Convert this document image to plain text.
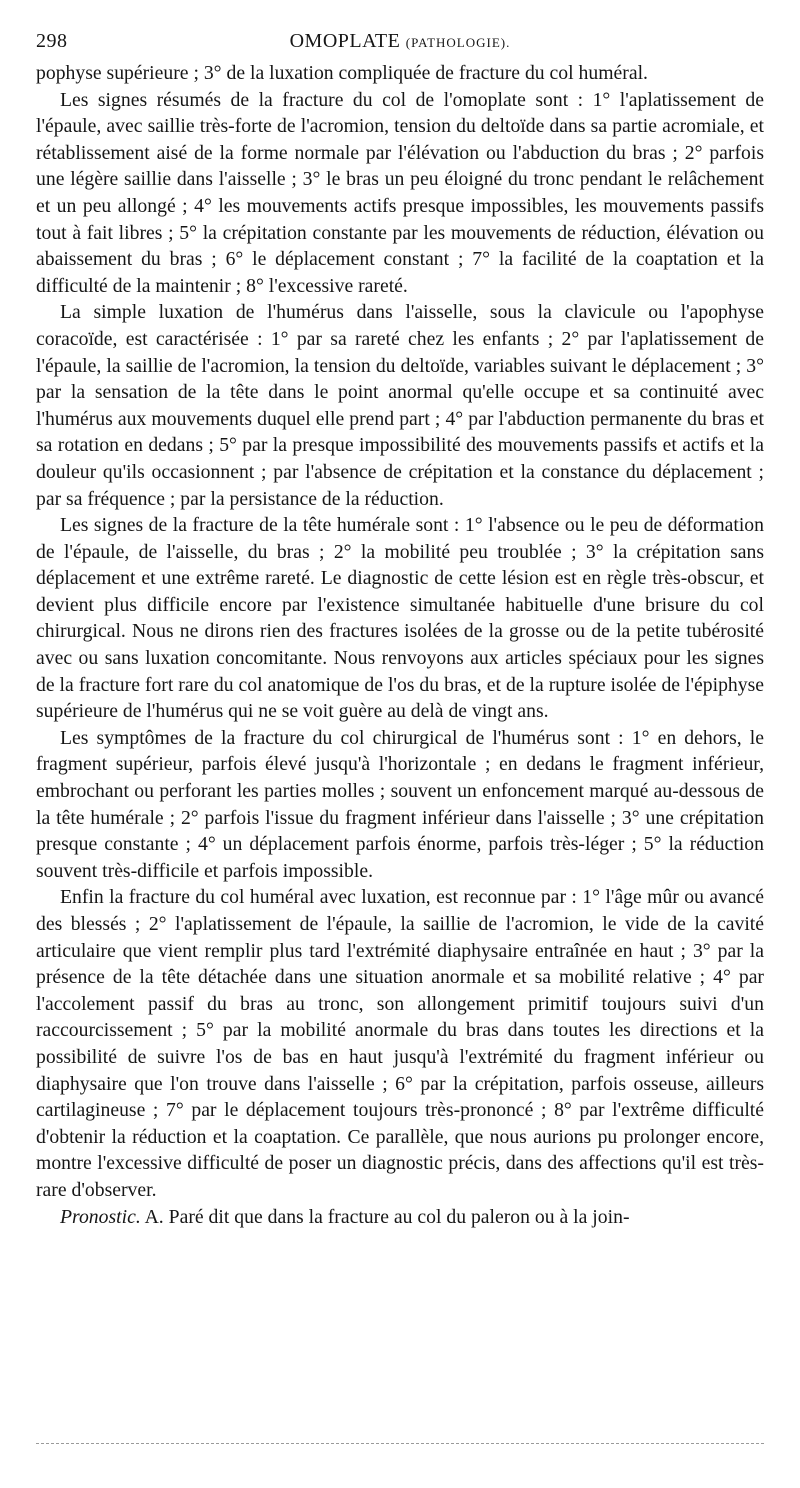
298	OMOPLATE (PATHOLOGIE).

pophyse supérieure ; 3° de la luxation compliquée de fracture du col huméral.

Les signes résumés de la fracture du col de l'omoplate sont : 1° l'aplatissement de l'épaule, avec saillie très-forte de l'acromion, tension du deltoïde dans sa partie acromiale, et rétablissement aisé de la forme normale par l'élévation ou l'abduction du bras ; 2° parfois une légère saillie dans l'aisselle ; 3° le bras un peu éloigné du tronc pendant le relâchement et un peu allongé ; 4° les mouvements actifs presque impossibles, les mouvements passifs tout à fait libres ; 5° la crépitation constante par les mouvements de réduction, élévation ou abaissement du bras ; 6° le déplacement constant ; 7° la facilité de la coaptation et la difficulté de la maintenir ; 8° l'excessive rareté.

La simple luxation de l'humérus dans l'aisselle, sous la clavicule ou l'apophyse coracoïde, est caractérisée : 1° par sa rareté chez les enfants ; 2° par l'aplatissement de l'épaule, la saillie de l'acromion, la tension du deltoïde, variables suivant le déplacement ; 3° par la sensation de la tête dans le point anormal qu'elle occupe et sa continuité avec l'humérus aux mouvements duquel elle prend part ; 4° par l'abduction permanente du bras et sa rotation en dedans ; 5° par la presque impossibilité des mouvements passifs et actifs et la douleur qu'ils occasionnent ; par l'absence de crépitation et la constance du déplacement ; par sa fréquence ; par la persistance de la réduction.

Les signes de la fracture de la tête humérale sont : 1° l'absence ou le peu de déformation de l'épaule, de l'aisselle, du bras ; 2° la mobilité peu troublée ; 3° la crépitation sans déplacement et une extrême rareté. Le diagnostic de cette lésion est en règle très-obscur, et devient plus difficile encore par l'existence simultanée habituelle d'une brisure du col chirurgical. Nous ne dirons rien des fractures isolées de la grosse ou de la petite tubérosité avec ou sans luxation concomitante. Nous renvoyons aux articles spéciaux pour les signes de la fracture fort rare du col anatomique de l'os du bras, et de la rupture isolée de l'épiphyse supérieure de l'humérus qui ne se voit guère au delà de vingt ans.

Les symptômes de la fracture du col chirurgical de l'humérus sont : 1° en dehors, le fragment supérieur, parfois élevé jusqu'à l'horizontale ; en dedans le fragment inférieur, embrochant ou perforant les parties molles ; souvent un enfoncement marqué au-dessous de la tête humérale ; 2° parfois l'issue du fragment inférieur dans l'aisselle ; 3° une crépitation presque constante ; 4° un déplacement parfois énorme, parfois très-léger ; 5° la réduction souvent très-difficile et parfois impossible.

Enfin la fracture du col huméral avec luxation, est reconnue par : 1° l'âge mûr ou avancé des blessés ; 2° l'aplatissement de l'épaule, la saillie de l'acromion, le vide de la cavité articulaire que vient remplir plus tard l'extrémité diaphysaire entraînée en haut ; 3° par la présence de la tête détachée dans une situation anormale et sa mobilité relative ; 4° par l'accolement passif du bras au tronc, son allongement primitif toujours suivi d'un raccourcissement ; 5° par la mobilité anormale du bras dans toutes les directions et la possibilité de suivre l'os de bas en haut jusqu'à l'extrémité du fragment inférieur ou diaphysaire que l'on trouve dans l'aisselle ; 6° par la crépitation, parfois osseuse, ailleurs cartilagineuse ; 7° par le déplacement toujours très-prononcé ; 8° par l'extrême difficulté d'obtenir la réduction et la coaptation. Ce parallèle, que nous aurions pu prolonger encore, montre l'excessive difficulté de poser un diagnostic précis, dans des affections qu'il est très-rare d'observer.

Pronostic. A. Paré dit que dans la fracture au col du paleron ou à la join-
